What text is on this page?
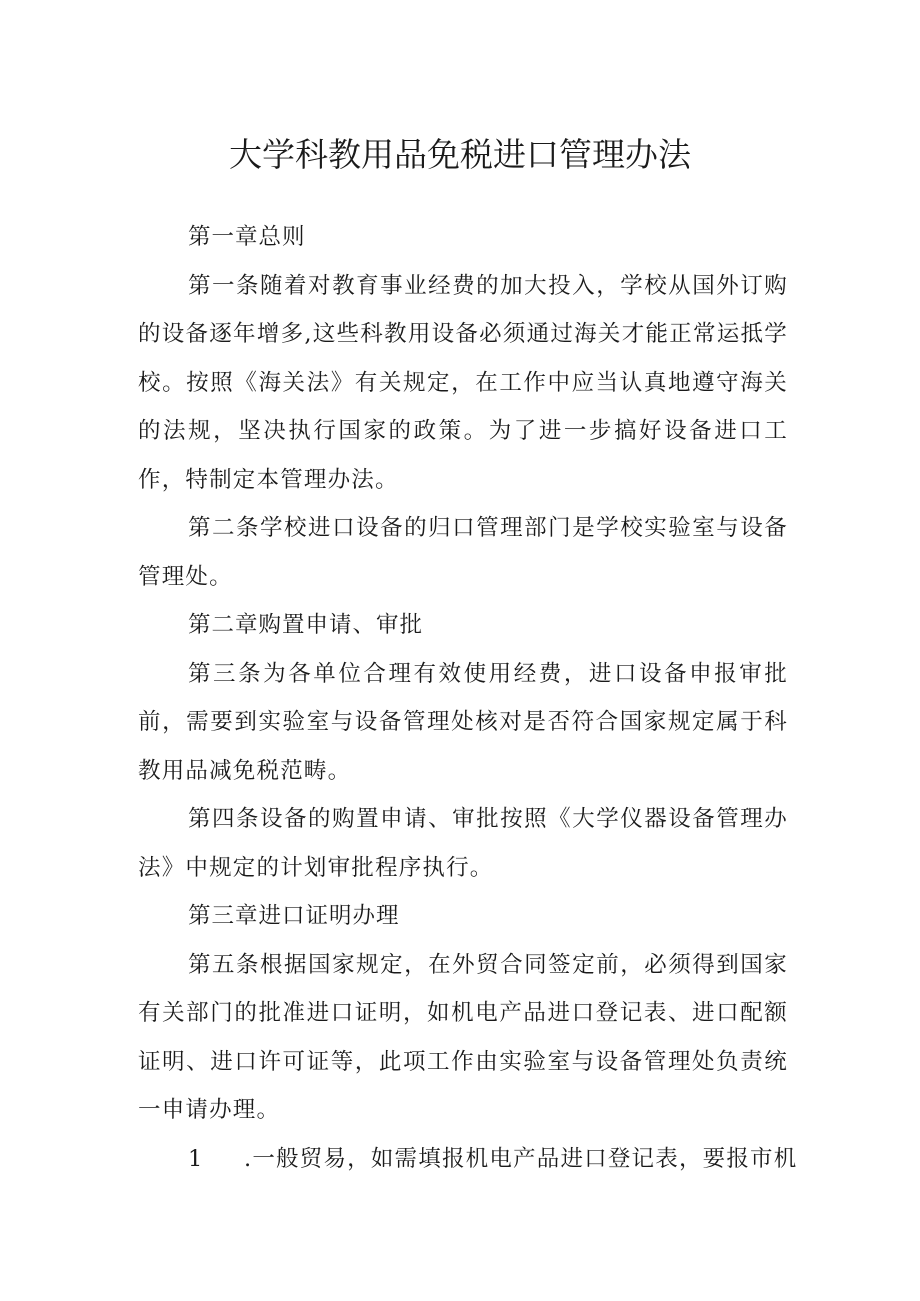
大学科教用品免税进口管理办法

第一章总则

第一条随着对教育事业经费的加大投入，学校从国外订购的设备逐年增多,这些科教用设备必须通过海关才能正常运抵学校。按照《海关法》有关规定，在工作中应当认真地遵守海关的法规，坚决执行国家的政策。为了进一步搞好设备进口工作，特制定本管理办法。

第二条学校进口设备的归口管理部门是学校实验室与设备管理处。

第二章购置申请、审批

第三条为各单位合理有效使用经费，进口设备申报审批前，需要到实验室与设备管理处核对是否符合国家规定属于科教用品减免税范畴。

第四条设备的购置申请、审批按照《大学仪器设备管理办法》中规定的计划审批程序执行。

第三章进口证明办理

第五条根据国家规定，在外贸合同签定前，必须得到国家有关部门的批准进口证明，如机电产品进口登记表、进口配额证明、进口许可证等，此项工作由实验室与设备管理处负责统一申请办理。

1 .一般贸易，如需填报机电产品进口登记表，要报市机
